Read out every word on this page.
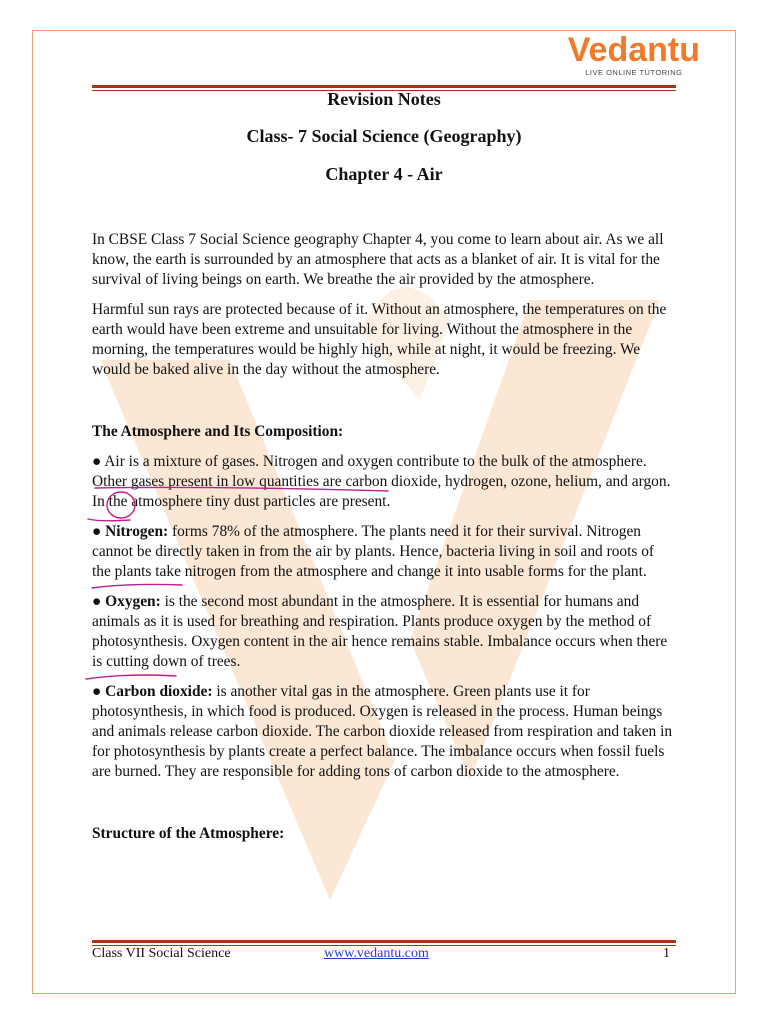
Vedantu
LIVE ONLINE TUTORING
Revision Notes
Class- 7 Social Science (Geography)
Chapter 4 - Air

In CBSE Class 7 Social Science geography Chapter 4, you come to learn about air. As we all know, the earth is surrounded by an atmosphere that acts as a blanket of air. It is vital for the survival of living beings on earth. We breathe the air provided by the atmosphere.

Harmful sun rays are protected because of it. Without an atmosphere, the temperatures on the earth would have been extreme and unsuitable for living. Without the atmosphere in the morning, the temperatures would be highly high, while at night, it would be freezing. We would be baked alive in the day without the atmosphere.

The Atmosphere and Its Composition:

● Air is a mixture of gases. Nitrogen and oxygen contribute to the bulk of the atmosphere. Other gases present in low quantities are carbon dioxide, hydrogen, ozone, helium, and argon. In the atmosphere tiny dust particles are present.

● Nitrogen: forms 78% of the atmosphere. The plants need it for their survival. Nitrogen cannot be directly taken in from the air by plants. Hence, bacteria living in soil and roots of the plants take nitrogen from the atmosphere and change it into usable forms for the plant.

● Oxygen: is the second most abundant in the atmosphere. It is essential for humans and animals as it is used for breathing and respiration. Plants produce oxygen by the method of photosynthesis. Oxygen content in the air hence remains stable. Imbalance occurs when there is cutting down of trees.

● Carbon dioxide: is another vital gas in the atmosphere. Green plants use it for photosynthesis, in which food is produced. Oxygen is released in the process. Human beings and animals release carbon dioxide. The carbon dioxide released from respiration and taken in for photosynthesis by plants create a perfect balance. The imbalance occurs when fossil fuels are burned. They are responsible for adding tons of carbon dioxide to the atmosphere.

Structure of the Atmosphere:

Class VII Social Science	www.vedantu.com	1
